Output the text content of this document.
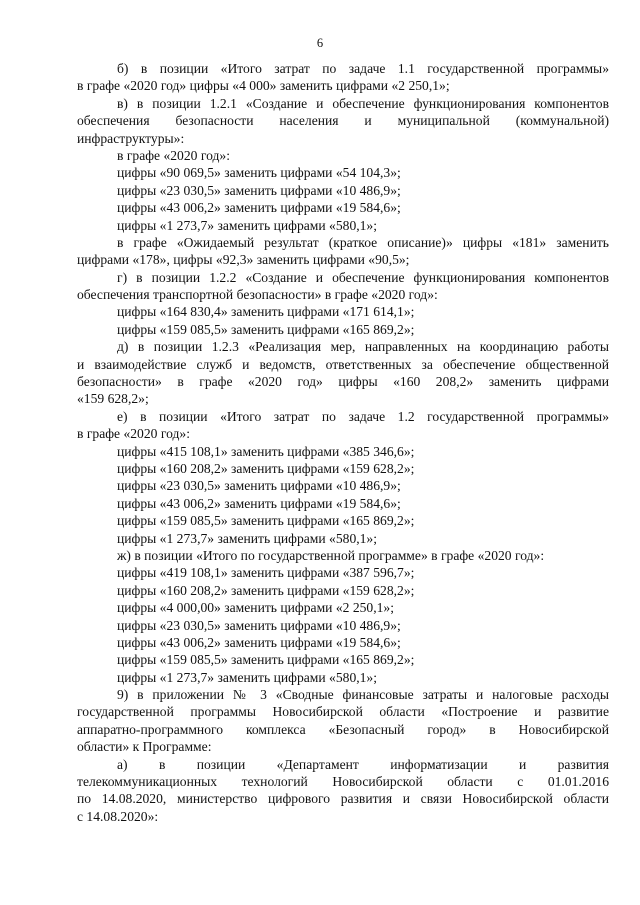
6
б) в позиции «Итого затрат по задаче 1.1 государственной программы»
в графе «2020 год» цифры «4 000» заменить цифрами «2 250,1»;
в) в позиции 1.2.1 «Создание и обеспечение функционирования компонентов
обеспечения безопасности населения и муниципальной (коммунальной)
инфраструктуры»:
в графе «2020 год»:
цифры «90 069,5» заменить цифрами «54 104,3»;
цифры «23 030,5» заменить цифрами «10 486,9»;
цифры «43 006,2» заменить цифрами «19 584,6»;
цифры «1 273,7» заменить цифрами «580,1»;
в графе «Ожидаемый результат (краткое описание)» цифры «181» заменить
цифрами «178», цифры «92,3» заменить цифрами «90,5»;
г) в позиции 1.2.2 «Создание и обеспечение функционирования компонентов
обеспечения транспортной безопасности» в графе «2020 год»:
цифры «164 830,4» заменить цифрами «171 614,1»;
цифры «159 085,5» заменить цифрами «165 869,2»;
д) в позиции 1.2.3 «Реализация мер, направленных на координацию работы
и взаимодействие служб и ведомств, ответственных за обеспечение общественной
безопасности» в графе «2020 год» цифры «160 208,2» заменить цифрами
«159 628,2»;
е) в позиции «Итого затрат по задаче 1.2 государственной программы»
в графе «2020 год»:
цифры «415 108,1» заменить цифрами «385 346,6»;
цифры «160 208,2» заменить цифрами «159 628,2»;
цифры «23 030,5» заменить цифрами «10 486,9»;
цифры «43 006,2» заменить цифрами «19 584,6»;
цифры «159 085,5» заменить цифрами «165 869,2»;
цифры «1 273,7» заменить цифрами «580,1»;
ж) в позиции «Итого по государственной программе» в графе «2020 год»:
цифры «419 108,1» заменить цифрами «387 596,7»;
цифры «160 208,2» заменить цифрами «159 628,2»;
цифры «4 000,00» заменить цифрами «2 250,1»;
цифры «23 030,5» заменить цифрами «10 486,9»;
цифры «43 006,2» заменить цифрами «19 584,6»;
цифры «159 085,5» заменить цифрами «165 869,2»;
цифры «1 273,7» заменить цифрами «580,1»;
9) в приложении № 3 «Сводные финансовые затраты и налоговые расходы
государственной программы Новосибирской области «Построение и развитие
аппаратно-программного комплекса «Безопасный город» в Новосибирской
области» к Программе:
а) в позиции «Департамент информатизации и развития
телекоммуникационных технологий Новосибирской области с 01.01.2016
по 14.08.2020, министерство цифрового развития и связи Новосибирской области
с 14.08.2020»:
